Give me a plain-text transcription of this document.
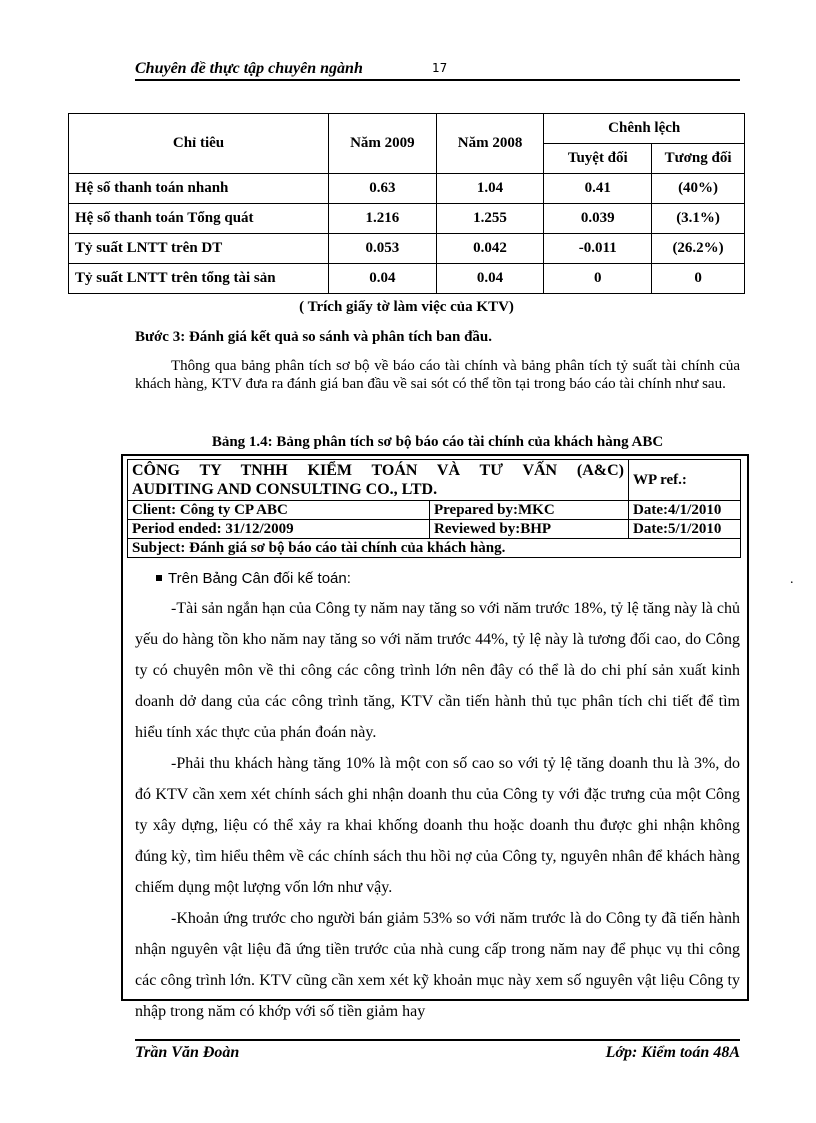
Chuyên đề thực tập chuyên ngành	17
Chỉ tiêu	Năm 2009	Năm 2008	Chênh lệch	
			Tuyệt đối	Tương đối
Hệ số thanh toán nhanh	0.63	1.04	0.41	(40%)
Hệ số thanh toán Tổng quát	1.216	1.255	0.039	(3.1%)
Tỷ suất LNTT trên DT	0.053	0.042	-0.011	(26.2%)
Tỷ suất LNTT trên tổng tài sản	0.04	0.04	0	0
( Trích giấy tờ làm việc của KTV)
Bước 3: Đánh giá kết quả so sánh và phân tích ban đầu.
Thông qua bảng phân tích sơ bộ về báo cáo tài chính và bảng phân tích tỷ suất tài chính của khách hàng, KTV đưa ra đánh giá ban đầu về sai sót có thể tồn tại trong báo cáo tài chính như sau.
Bảng 1.4: Bảng phân tích sơ bộ báo cáo tài chính của khách hàng ABC
CÔNG TY TNHH KIỂM TOÁN VÀ TƯ VẤN (A&C)
AUDITING AND CONSULTING CO., LTD.		WP ref.:
Client: Công ty CP ABC	Prepared by:MKC	Date:4/1/2010
Period ended: 31/12/2009	Reviewed by:BHP	Date:5/1/2010
Subject: Đánh giá sơ bộ báo cáo tài chính của khách hàng.		
Trên Bảng Cân đối kế toán:

-Tài sản ngắn hạn của Công ty năm nay tăng so với năm trước 18%, tỷ lệ tăng này là chủ yếu do hàng tồn kho năm nay tăng so với năm trước 44%, tỷ lệ này là tương đối cao, do Công ty có chuyên môn về thi công các công trình lớn nên đây có thể là do chi phí sản xuất kinh doanh dở dang của các công trình tăng, KTV cần tiến hành thủ tục phân tích chi tiết để tìm hiểu tính xác thực của phán đoán này.

-Phải thu khách hàng tăng 10% là một con số cao so với tỷ lệ tăng doanh thu là 3%, do đó KTV cần xem xét chính sách ghi nhận doanh thu của Công ty với đặc trưng của một Công ty xây dựng, liệu có thể xảy ra khai khống doanh thu hoặc doanh thu được ghi nhận không đúng kỳ, tìm hiểu thêm về các chính sách thu hồi nợ của Công ty, nguyên nhân để khách hàng chiếm dụng một lượng vốn lớn như vậy.

-Khoản ứng trước cho người bán giảm 53% so với năm trước là do Công ty đã tiến hành nhận nguyên vật liệu đã ứng tiền trước của nhà cung cấp trong năm nay để phục vụ thi công các công trình lớn. KTV cũng cần xem xét kỹ khoản mục này xem số nguyên vật liệu Công ty nhập trong năm có khớp với số tiền giảm hay

.
Trần Văn Đoàn	Lớp: Kiểm toán 48A
